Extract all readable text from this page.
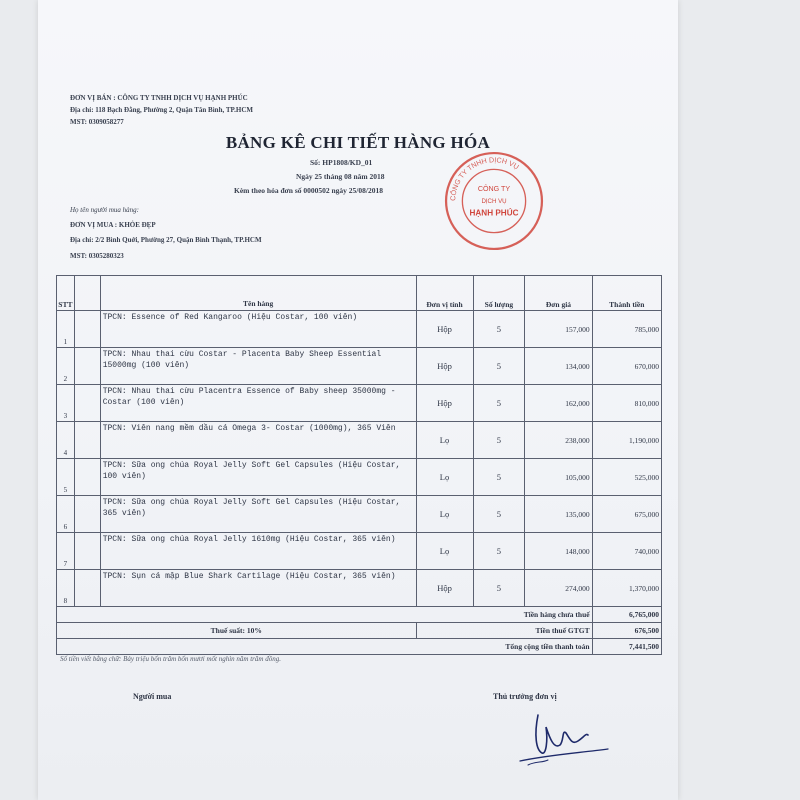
ĐƠN VỊ BÁN : CÔNG TY TNHH DỊCH VỤ HẠNH PHÚC
Địa chỉ: 118 Bạch Đằng, Phường 2, Quận Tân Bình, TP.HCM
MST: 0309058277
BẢNG KÊ CHI TIẾT HÀNG HÓA
Số: HP1808/KD_01
Ngày 25 tháng 08 năm 2018
Kèm theo hóa đơn số 0000502 ngày 25/08/2018
Họ tên người mua hàng:
ĐƠN VỊ MUA : KHỎE ĐẸP
Địa chỉ: 2/2 Bình Quới, Phường 27, Quận Bình Thạnh, TP.HCM
MST: 0305280323
CÔNG TY TNHH DỊCH VỤ
CÔNG TY
DỊCH VỤ
HẠNH PHÚC
STT		Tên hàng	Đơn vị tính	Số lượng	Đơn giá	Thành tiền
1		TPCN: Essence of Red Kangaroo (Hiệu Costar, 100 viên)	Hộp	5	157,000	785,000
2		TPCN: Nhau thai cừu Costar - Placenta Baby Sheep Essential 15000mg (100 viên)	Hộp	5	134,000	670,000
3		TPCN: Nhau thai cừu Placentra Essence of Baby sheep 35000mg - Costar (100 viên)	Hộp	5	162,000	810,000
4		TPCN: Viên nang mềm dầu cá Omega 3- Costar (1000mg), 365 Viên	Lọ	5	238,000	1,190,000
5		TPCN: Sữa ong chúa Royal Jelly Soft Gel Capsules (Hiệu Costar, 100 viên)	Lọ	5	105,000	525,000
6		TPCN: Sữa ong chúa Royal Jelly Soft Gel Capsules (Hiệu Costar, 365 viên)	Lọ	5	135,000	675,000
7		TPCN: Sữa ong chúa Royal Jelly 1610mg (Hiệu Costar, 365 viên)	Lọ	5	148,000	740,000
8		TPCN: Sụn cá mập Blue Shark Cartilage (Hiệu Costar, 365 viên)	Hộp	5	274,000	1,370,000
Tiền hàng chưa thuế						6,765,000
Thuế suất: 10%			Tiền thuế GTGT			676,500
Tổng cộng tiền thanh toán						7,441,500
Số tiền viết bằng chữ: Bảy triệu bốn trăm bốn mươi mốt nghìn năm trăm đồng.
Người mua	Thủ trưởng đơn vị
